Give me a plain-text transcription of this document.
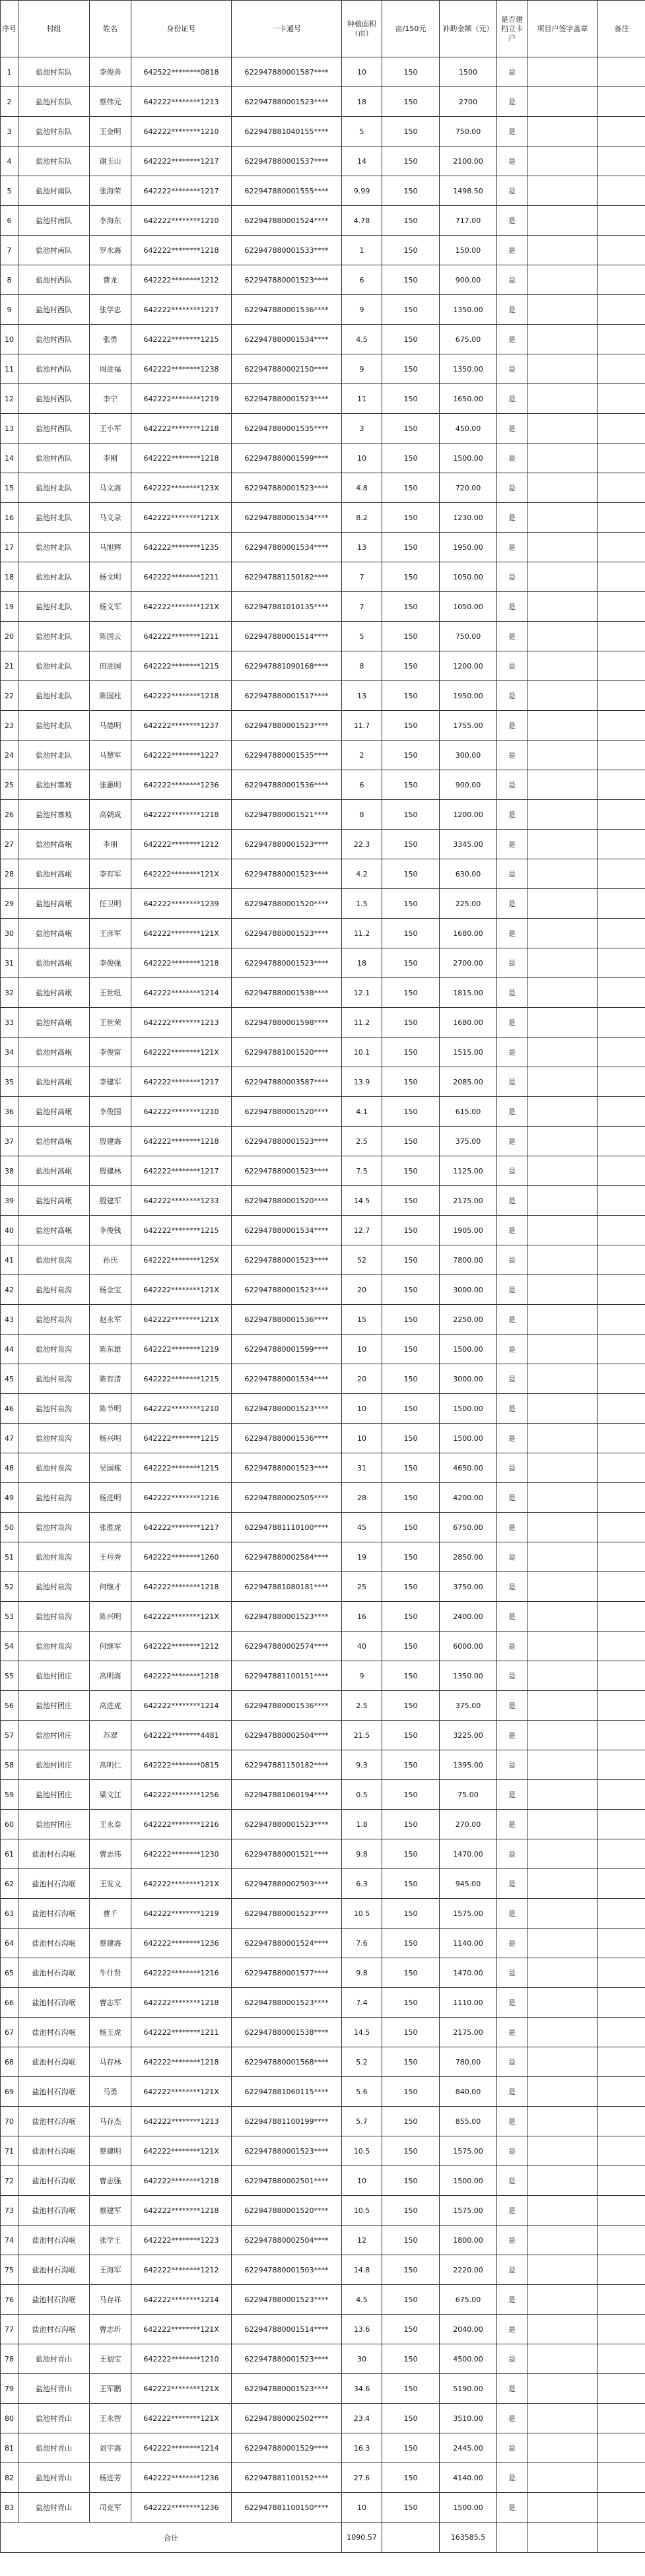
序号	村组	姓名	身份证号	一卡通号	种植面积（亩）	亩/150元	补助金额（元）	是否建档立卡户	项目户签字盖章	备注
1	盐池村东队	李俊善	642522********0818	622947880001587****	10	150	1500	是		
2	盐池村东队	蔡伟元	642222********1213	622947880001523****	18	150	2700	是		
3	盐池村东队	王金明	642222********1210	622947881040155****	5	150	750.00	是		
4	盐池村东队	谢玉山	642222********1217	622947880001537****	14	150	2100.00	是		
5	盐池村南队	张海荣	642222********1217	622947880001555****	9.99	150	1498.50	是		
6	盐池村南队	李海东	642222********1210	622947880001524****	4.78	150	717.00	是		
7	盐池村南队	罗永海	642222********1218	622947880001533****	1	150	150.00	是		
8	盐池村西队	曹龙	642222********1212	622947880001523****	6	150	900.00	是		
9	盐池村西队	张学忠	642222********1217	622947880001536****	9	150	1350.00	是		
10	盐池村西队	张勇	642222********1215	622947880001534****	4.5	150	675.00	是		
11	盐池村西队	周进福	642222********1238	622947880002150****	9	150	1350.00	是		
12	盐池村西队	李宁	642222********1219	622947880001523****	11	150	1650.00	是		
13	盐池村西队	王小军	642222********1218	622947880001535****	3	150	450.00	是		
14	盐池村西队	李刚	642222********1218	622947880001599****	10	150	1500.00	是		
15	盐池村北队	马文海	642222********123X	622947880001523****	4.8	150	720.00	是		
16	盐池村北队	马文录	642222********121X	622947880001534****	8.2	150	1230.00	是		
17	盐池村北队	马旭辉	642222********1235	622947880001534****	13	150	1950.00	是		
18	盐池村北队	杨文明	642222********1211	622947881150182****	7	150	1050.00	是		
19	盐池村北队	杨文军	642222********121X	622947881010135****	7	150	1050.00	是		
20	盐池村北队	陈国云	642222********1211	622947880001514****	5	150	750.00	是		
21	盐池村北队	田进国	642222********1215	622947881090168****	8	150	1200.00	是		
22	盐池村北队	陈国柱	642222********1218	622947880001517****	13	150	1950.00	是		
23	盐池村北队	马德明	642222********1237	622947880001523****	11.7	150	1755.00	是		
24	盐池村北队	马慧军	642222********1227	622947880001535****	2	150	300.00	是		
25	盐池村寨坡	张蕙明	642222********1236	622947880001536****	6	150	900.00	是		
26	盐池村寨坡	高朝成	642222********1218	622947880001521****	8	150	1200.00	是		
27	盐池村高岷	李朋	642222********1212	622947880001523****	22.3	150	3345.00	是		
28	盐池村高岷	李有军	642222********121X	622947880001523****	4.2	150	630.00	是		
29	盐池村高岷	任卫明	642222********1239	622947880001520****	1.5	150	225.00	是		
30	盐池村高岷	王彦军	642222********121X	622947880001523****	11.2	150	1680.00	是		
31	盐池村高岷	李俊强	642222********1218	622947880001523****	18	150	2700.00	是		
32	盐池村高岷	王世纽	642222********1214	622947880001538****	12.1	150	1815.00	是		
33	盐池村高岷	王世荣	642222********1213	622947880001598****	11.2	150	1680.00	是		
34	盐池村高岷	李俊富	642222********121X	622947881001520****	10.1	150	1515.00	是		
35	盐池村高岷	李建军	642222********1217	622947880003587****	13.9	150	2085.00	是		
36	盐池村高岷	李俊国	642222********1210	622947880001520****	4.1	150	615.00	是		
37	盐池村高岷	殷建海	642222********1218	622947880001523****	2.5	150	375.00	是		
38	盐池村高岷	殷建林	642222********1217	622947880001523****	7.5	150	1125.00	是		
39	盐池村高岷	殷建军	642222********1233	622947880001520****	14.5	150	2175.00	是		
40	盐池村高岷	李俊钱	642222********1215	622947880001534****	12.7	150	1905.00	是		
41	盐池村泉沟	孙氏	642222********125X	622947880001523****	52	150	7800.00	是		
42	盐池村泉沟	杨金宝	642222********121X	622947880001523****	20	150	3000.00	是		
43	盐池村泉沟	赵永军	642222********121X	622947880001536****	15	150	2250.00	是		
44	盐池村泉沟	陈东雄	642222********1219	622947880001599****	10	150	1500.00	是		
45	盐池村泉沟	陈有清	642222********1215	622947880001534****	20	150	3000.00	是		
46	盐池村泉沟	陈节明	642222********1210	622947880001523****	10	150	1500.00	是		
47	盐池村泉沟	杨兴明	642222********1215	622947880001536****	10	150	1500.00	是		
48	盐池村泉沟	吴国栋	642222********1215	622947880001523****	31	150	4650.00	是		
49	盐池村泉沟	杨进明	642222********1216	622947880002505****	28	150	4200.00	是		
50	盐池村泉沟	张胜虎	642222********1217	622947881110100****	45	150	6750.00	是		
51	盐池村泉沟	王丹秀	642222********1260	622947880002584****	19	150	2850.00	是		
52	盐池村泉沟	何继才	642222********1218	622947881080181****	25	150	3750.00	是		
53	盐池村泉沟	陈兴明	642222********121X	622947880001523****	16	150	2400.00	是		
54	盐池村泉沟	何继军	642222********1212	622947880002574****	40	150	6000.00	是		
55	盐池村团庄	高明海	642222********1218	622947881100151****	9	150	1350.00	是		
56	盐池村团庄	高进虎	642222********1214	622947880001536****	2.5	150	375.00	是		
57	盐池村团庄	苏翠	642222********4481	622947880002504****	21.5	150	3225.00	是		
58	盐池村团庄	高明仁	642222********0815	622947881150182****	9.3	150	1395.00	是		
59	盐池村团庄	梁文江	642222********1256	622947881060194****	0.5	150	75.00	是		
60	盐池村团庄	王永泰	642222********1216	622947880001523****	1.8	150	270.00	是		
61	盐池村石沟岷	曹志伟	642222********1230	622947880001521****	9.8	150	1470.00	是		
62	盐池村石沟岷	王发义	642222********121X	622947880002503****	6.3	150	945.00	是		
63	盐池村石沟岷	曹千	642222********1219	622947880001523****	10.5	150	1575.00	是		
64	盐池村石沟岷	蔡建海	642222********1236	622947880001524****	7.6	150	1140.00	是		
65	盐池村石沟岷	牛什贤	642222********1216	622947880001577****	9.8	150	1470.00	是		
66	盐池村石沟岷	曹志军	642222********1218	622947880001523****	7.4	150	1110.00	是		
67	盐池村石沟岷	杨玉虎	642222********1211	622947880001538****	14.5	150	2175.00	是		
68	盐池村石沟岷	马存林	642222********1218	622947880001568****	5.2	150	780.00	是		
69	盐池村石沟岷	马勇	642222********121X	622947881060115****	5.6	150	840.00	是		
70	盐池村石沟岷	马存杰	642222********1213	622947881100199****	5.7	150	855.00	是		
71	盐池村石沟岷	蔡建明	642222********121X	622947880001523****	10.5	150	1575.00	是		
72	盐池村石沟岷	曹志强	642222********1218	622947880002501****	10	150	1500.00	是		
73	盐池村石沟岷	蔡建军	642222********1218	622947880001520****	10.5	150	1575.00	是		
74	盐池村石沟岷	张学王	642222********1223	622947880002504****	12	150	1800.00	是		
75	盐池村石沟岷	王海军	642222********1212	622947880001503****	14.8	150	2220.00	是		
76	盐池村石沟岷	马存祥	642222********1214	622947880001523****	4.5	150	675.00	是		
77	盐池村石沟岷	曹志圻	642222********121X	622947880001514****	13.6	150	2040.00	是		
78	盐池村青山	王划宝	642222********1210	622947880001523****	30	150	4500.00	是		
79	盐池村青山	王军鹏	642222********121X	622947880001523****	34.6	150	5190.00	是		
80	盐池村青山	王永智	642222********121X	622947880002502****	23.4	150	3510.00	是		
81	盐池村青山	刘宇海	642222********1214	622947880001529****	16.3	150	2445.00	是		
82	盐池村青山	杨进芳	642222********1236	622947881100152****	27.6	150	4140.00	是		
83	盐池村青山	司克军	642222********1236	622947881100150****	10	150	1500.00	是		
合计					1090.57		163585.5			
